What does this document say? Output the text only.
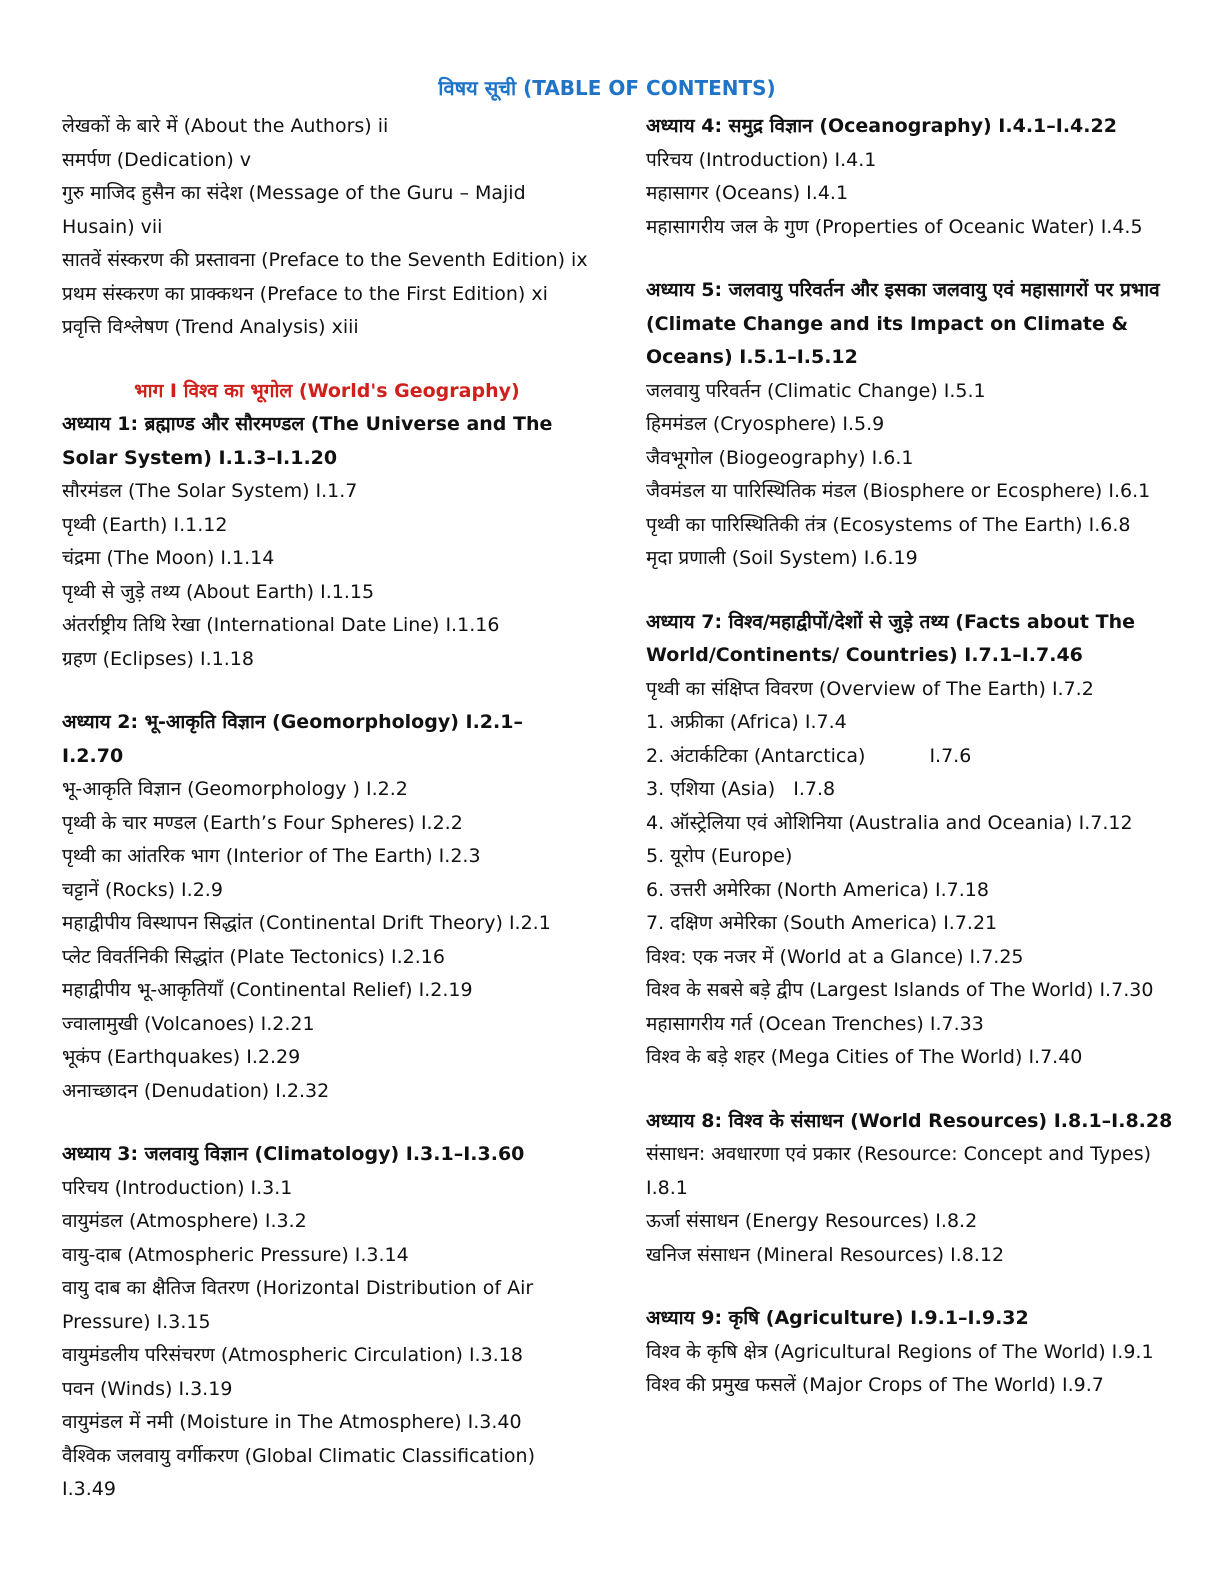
विषय सूची (TABLE OF CONTENTS)
लेखकों के बारे में (About the Authors) ii
समर्पण (Dedication) v
गुरु माजिद हुसैन का संदेश (Message of the Guru – Majid Husain) vii
सातवें संस्करण की प्रस्तावना (Preface to the Seventh Edition) ix
प्रथम संस्करण का प्राक्कथन (Preface to the First Edition) xi
प्रवृत्ति विश्लेषण (Trend Analysis) xiii
भाग I विश्व का भूगोल (World's Geography)
अध्याय 1: ब्रह्माण्ड और सौरमण्डल (The Universe and The Solar System) I.1.3–I.1.20
सौरमंडल (The Solar System) I.1.7
पृथ्वी (Earth) I.1.12
चंद्रमा (The Moon) I.1.14
पृथ्वी से जुड़े तथ्य (About Earth) I.1.15
अंतर्राष्ट्रीय तिथि रेखा (International Date Line) I.1.16
ग्रहण (Eclipses) I.1.18
अध्याय 2: भू-आकृति विज्ञान (Geomorphology) I.2.1–I.2.70
भू-आकृति विज्ञान (Geomorphology ) I.2.2
पृथ्वी के चार मण्डल (Earth’s Four Spheres) I.2.2
पृथ्वी का आंतरिक भाग (Interior of The Earth) I.2.3
चट्टानें (Rocks) I.2.9
महाद्वीपीय विस्थापन सिद्धांत (Continental Drift Theory) I.2.1
प्लेट विवर्तनिकी सिद्धांत (Plate Tectonics) I.2.16
महाद्वीपीय भू-आकृतियाँ (Continental Relief) I.2.19
ज्वालामुखी (Volcanoes) I.2.21
भूकंप (Earthquakes) I.2.29
अनाच्छादन (Denudation) I.2.32
अध्याय 3: जलवायु विज्ञान (Climatology) I.3.1–I.3.60
परिचय (Introduction) I.3.1
वायुमंडल (Atmosphere) I.3.2
वायु-दाब (Atmospheric Pressure) I.3.14
वायु दाब का क्षैतिज वितरण (Horizontal Distribution of Air Pressure) I.3.15
वायुमंडलीय परिसंचरण (Atmospheric Circulation) I.3.18
पवन (Winds) I.3.19
वायुमंडल में नमी (Moisture in The Atmosphere) I.3.40
वैश्विक जलवायु वर्गीकरण (Global Climatic Classification) I.3.49
अध्याय 4: समुद्र विज्ञान (Oceanography) I.4.1–I.4.22
परिचय (Introduction) I.4.1
महासागर (Oceans) I.4.1
महासागरीय जल के गुण (Properties of Oceanic Water) I.4.5
अध्याय 5: जलवायु परिवर्तन और इसका जलवायु एवं महासागरों पर प्रभाव (Climate Change and its Impact on Climate & Oceans) I.5.1–I.5.12
जलवायु परिवर्तन (Climatic Change) I.5.1
हिममंडल (Cryosphere) I.5.9
जैवभूगोल (Biogeography) I.6.1
जैवमंडल या पारिस्थितिक मंडल (Biosphere or Ecosphere) I.6.1
पृथ्वी का पारिस्थितिकी तंत्र (Ecosystems of The Earth) I.6.8
मृदा प्रणाली (Soil System) I.6.19
अध्याय 7: विश्व/महाद्वीपों/देशों से जुड़े तथ्य (Facts about The World/Continents/ Countries) I.7.1–I.7.46
पृथ्वी का संक्षिप्त विवरण (Overview of The Earth) I.7.2
1. अफ्रीका (Africa) I.7.4
2. अंटार्कटिका (Antarctica)	I.7.6
3. एशिया (Asia) I.7.8
4. ऑस्ट्रेलिया एवं ओशिनिया (Australia and Oceania) I.7.12
5. यूरोप (Europe)
6. उत्तरी अमेरिका (North America) I.7.18
7. दक्षिण अमेरिका (South America) I.7.21
विश्व: एक नजर में (World at a Glance) I.7.25
विश्व के सबसे बड़े द्वीप (Largest Islands of The World) I.7.30
महासागरीय गर्त (Ocean Trenches) I.7.33
विश्व के बड़े शहर (Mega Cities of The World) I.7.40
अध्याय 8: विश्व के संसाधन (World Resources) I.8.1–I.8.28
संसाधन: अवधारणा एवं प्रकार (Resource: Concept and Types) I.8.1
ऊर्जा संसाधन (Energy Resources) I.8.2
खनिज संसाधन (Mineral Resources) I.8.12
अध्याय 9: कृषि (Agriculture) I.9.1–I.9.32
विश्व के कृषि क्षेत्र (Agricultural Regions of The World) I.9.1
विश्व की प्रमुख फसलें (Major Crops of The World) I.9.7
